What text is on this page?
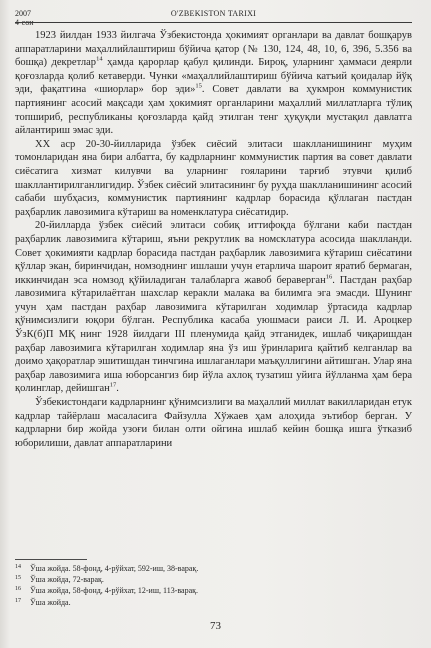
2007
4-сон
O'ZBEKISTON TARIXI

1923 йилдан 1933 йилгача Ўзбекистонда ҳокимият органлари ва давлат бошқарув аппаратларини маҳаллийлаштириш бўйича қатор (№ 130, 124, 48, 10, 6, 396, 5.356 ва бошқа) декретлар$^{14}$ ҳамда қарорлар қабул қилинди. Бироқ, уларнинг ҳаммаси деярли қоғозларда қолиб кетаверди. Чунки «маҳаллийлаштириш бўйича катъий қоидалар йўқ эди, фақатгина «шиорлар» бор эди»$^{15}$. Совет давлати ва ҳукмрон коммунистик партиянинг асосий мақсади ҳам ҳокимият органларини маҳаллий миллатларга тўлиқ топшириб, республиканы қоғозларда қайд этилган тенг ҳуқуқли мустақил давлатга айлантириш эмас эди.

XX аср 20-30-йилларида ўзбек сиёсий элитаси шаклланишининг муҳим томонларидан яна бири албатта, бу кадрларнинг коммунистик партия ва совет давлати сиёсатига хизмат килувчи ва уларнинг гояларини тарғиб этувчи қилиб шакллантирилганлигидир. Ўзбек сиёсий элитасининг бу руҳда шаклланишининг асосий сабаби шубҳасиз, коммунистик партиянинг кадрлар борасида қўллаган пастдан раҳбарлик лавозимига кўтариш ва номенклатура сиёсатидир.

20-йилларда ўзбек сиёсий элитаси собиқ иттифоқда бўлгани каби пастдан раҳбарлик лавозимига кўтариш, яъни рекрутлик ва номсклатура асосида шаклланди. Совет ҳокимияти кадрлар борасида пастдан раҳбарлик лавозимига кўтариш сиёсатини қўллар экан, биринчидан, номзоднинг ишлаши учун етарлича шароит яратиб бермаган, иккинчидан эса номзод қўйиладиган талабларга жавоб бераверган$^{16}$. Пастдан раҳбар лавозимига кўтарилаётган шахслар керакли малака ва билимга эга эмасди. Шунинг учун ҳам пастдан раҳбар лавозимига кўтарилган ходимлар ўртасида кадрлар қўнимсизлиги юқори бўлган. Республика касаба уюшмаси раиси Л. И. Ароцкер ЎзК(б)П МҚ нинг 1928 йилдаги III пленумида қайд этганидек, ишлаб чиқаришдан раҳбар лавозимига кўтарилган ходимлар яна ўз иш ўринларига қайтиб келганлар ва доимо ҳақоратлар эшитишдан тинчгина ишлаганлари маъқуллигини айтишган. Улар яна раҳбар лавозимига иша юборсангиз бир йўла ахлоқ тузатиш уйига йўлланма ҳам бера қолинглар, дейишган$^{17}$.

Ўзбекистондаги кадрларнинг қўнимсизлиги ва маҳаллий миллат вакилларидан етук кадрлар тайёрлаш масаласига Файзулла Хўжаев ҳам алоҳида эътибор берган. У кадрларни бир жойда узоғи билан олти ойгина ишлаб кейин бошқа ишга ўтказиб юборилиши, давлат аппаратларини

14 Ўша жойда. 58-фонд, 4-рўйхат, 592-иш, 38-варақ.
15 Ўша жойда, 72-варақ.
16 Ўша жойда, 58-фонд, 4-рўйхат, 12-иш, 113-варақ.
17 Ўша жойда.
73
